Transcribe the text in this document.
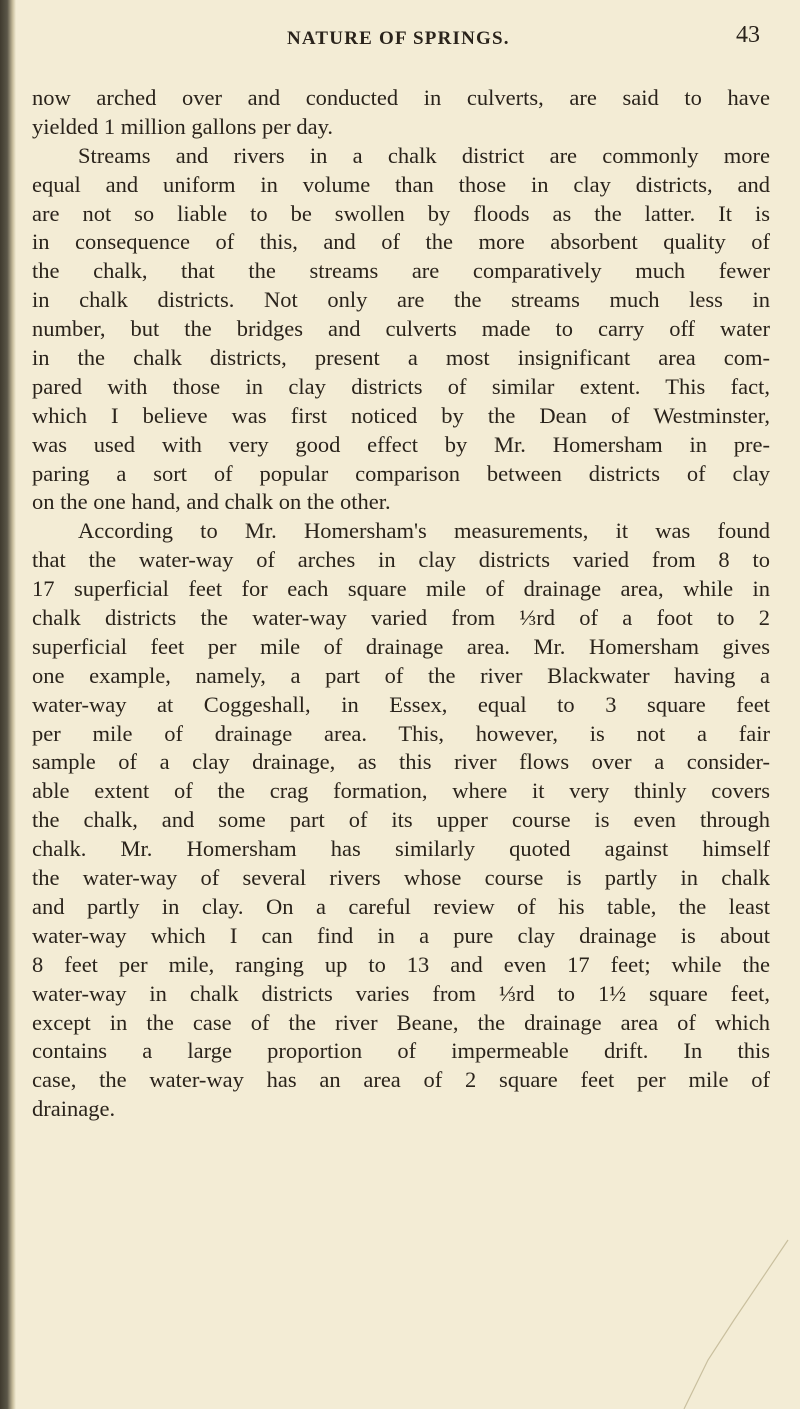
NATURE OF SPRINGS.	43
now arched over and conducted in culverts, are said to have
yielded 1 million gallons per day.
Streams and rivers in a chalk district are commonly more
equal and uniform in volume than those in clay districts, and
are not so liable to be swollen by floods as the latter. It is
in consequence of this, and of the more absorbent quality of
the chalk, that the streams are comparatively much fewer
in chalk districts. Not only are the streams much less in
number, but the bridges and culverts made to carry off water
in the chalk districts, present a most insignificant area com-
pared with those in clay districts of similar extent. This fact,
which I believe was first noticed by the Dean of Westminster,
was used with very good effect by Mr. Homersham in pre-
paring a sort of popular comparison between districts of clay
on the one hand, and chalk on the other.
According to Mr. Homersham's measurements, it was found
that the water-way of arches in clay districts varied from 8 to
17 superficial feet for each square mile of drainage area, while in
chalk districts the water-way varied from ⅓rd of a foot to 2
superficial feet per mile of drainage area. Mr. Homersham gives
one example, namely, a part of the river Blackwater having a
water-way at Coggeshall, in Essex, equal to 3 square feet
per mile of drainage area. This, however, is not a fair
sample of a clay drainage, as this river flows over a consider-
able extent of the crag formation, where it very thinly covers
the chalk, and some part of its upper course is even through
chalk. Mr. Homersham has similarly quoted against himself
the water-way of several rivers whose course is partly in chalk
and partly in clay. On a careful review of his table, the least
water-way which I can find in a pure clay drainage is about
8 feet per mile, ranging up to 13 and even 17 feet; while the
water-way in chalk districts varies from ⅓rd to 1½ square feet,
except in the case of the river Beane, the drainage area of which
contains a large proportion of impermeable drift. In this
case, the water-way has an area of 2 square feet per mile of
drainage.
